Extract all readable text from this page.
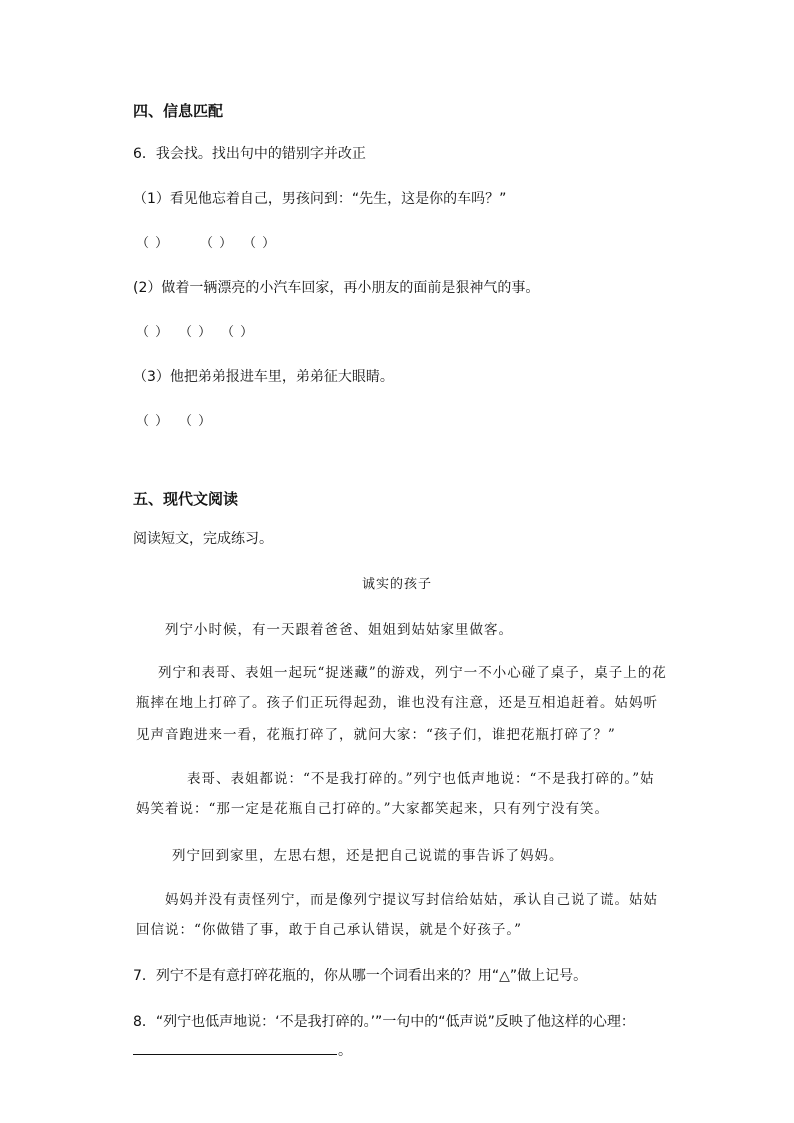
四、信息匹配
6．我会找。找出句中的错别字并改正
（1）看见他忘着自己，男孩问到：“先生，这是你的车吗？”
（ ） （ ） （ ）
(2）做着一辆漂亮的小汽车回家，再小朋友的面前是狠神气的事。
（ ） （ ） （ ）
（3）他把弟弟报进车里，弟弟征大眼睛。
（ ） （ ）
五、现代文阅读
阅读短文，完成练习。
诚实的孩子
列宁小时候，有一天跟着爸爸、姐姐到姑姑家里做客。
列宁和表哥、表姐一起玩“捉迷藏”的游戏，列宁一不小心碰了桌子，桌子上的花
瓶摔在地上打碎了。孩子们正玩得起劲，谁也没有注意，还是互相追赶着。姑妈听
见声音跑进来一看，花瓶打碎了，就问大家：“孩子们，谁把花瓶打碎了？”
表哥、表姐都说：“不是我打碎的。”列宁也低声地说：“不是我打碎的。”姑
妈笑着说：“那一定是花瓶自己打碎的。”大家都笑起来，只有列宁没有笑。
列宁回到家里，左思右想，还是把自己说谎的事告诉了妈妈。
妈妈并没有责怪列宁，而是像列宁提议写封信给姑姑，承认自己说了谎。姑姑
回信说：“你做错了事，敢于自己承认错误，就是个好孩子。”
7．列宁不是有意打碎花瓶的，你从哪一个词看出来的？用“△”做上记号。
8．“列宁也低声地说：‘不是我打碎的。’”一句中的“低声说”反映了他这样的心理：
。
